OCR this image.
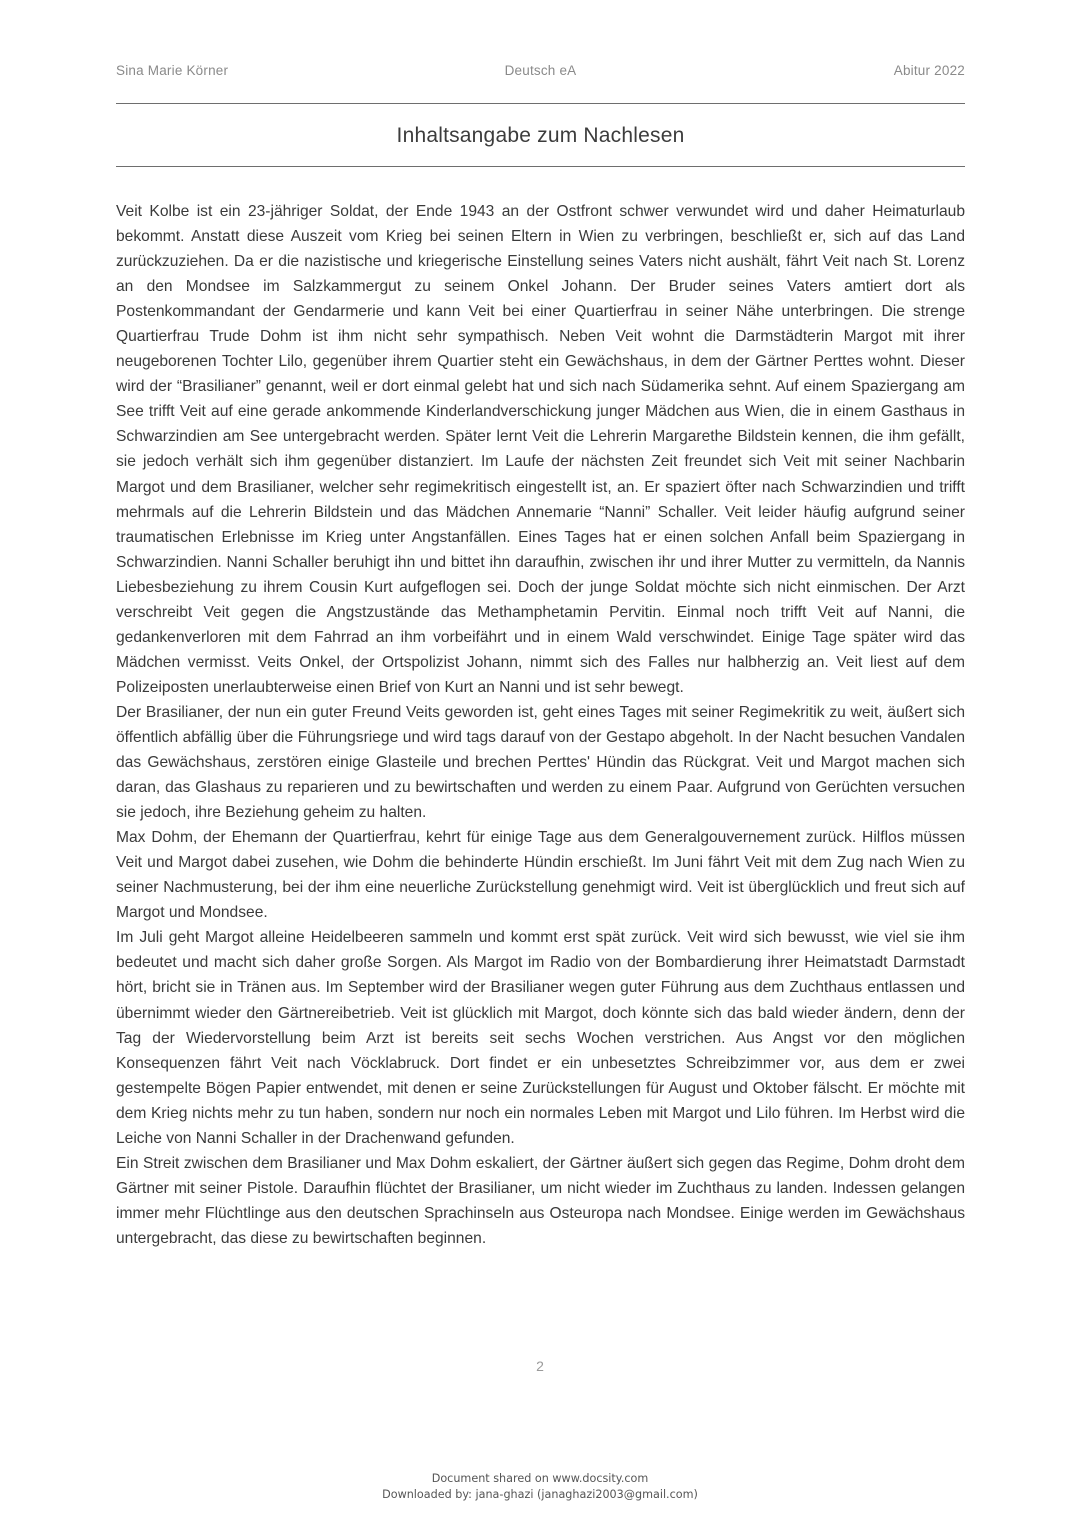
Sina Marie Körner	Deutsch eA	Abitur 2022
Inhaltsangabe zum Nachlesen

Veit Kolbe ist ein 23-jähriger Soldat, der Ende 1943 an der Ostfront schwer verwundet wird und daher Heimaturlaub bekommt. Anstatt diese Auszeit vom Krieg bei seinen Eltern in Wien zu verbringen, beschließt er, sich auf das Land zurückzuziehen. Da er die nazistische und kriegerische Einstellung seines Vaters nicht aushält, fährt Veit nach St. Lorenz an den Mondsee im Salzkammergut zu seinem Onkel Johann. Der Bruder seines Vaters amtiert dort als Postenkommandant der Gendarmerie und kann Veit bei einer Quartierfrau in seiner Nähe unterbringen. Die strenge Quartierfrau Trude Dohm ist ihm nicht sehr sympathisch. Neben Veit wohnt die Darmstädterin Margot mit ihrer neugeborenen Tochter Lilo, gegenüber ihrem Quartier steht ein Gewächshaus, in dem der Gärtner Perttes wohnt. Dieser wird der “Brasilianer” genannt, weil er dort einmal gelebt hat und sich nach Südamerika sehnt. Auf einem Spaziergang am See trifft Veit auf eine gerade ankommende Kinderlandverschickung junger Mädchen aus Wien, die in einem Gasthaus in Schwarzindien am See untergebracht werden. Später lernt Veit die Lehrerin Margarethe Bildstein kennen, die ihm gefällt, sie jedoch verhält sich ihm gegenüber distanziert. Im Laufe der nächsten Zeit freundet sich Veit mit seiner Nachbarin Margot und dem Brasilianer, welcher sehr regimekritisch eingestellt ist, an. Er spaziert öfter nach Schwarzindien und trifft mehrmals auf die Lehrerin Bildstein und das Mädchen Annemarie “Nanni” Schaller. Veit leider häufig aufgrund seiner traumatischen Erlebnisse im Krieg unter Angstanfällen. Eines Tages hat er einen solchen Anfall beim Spaziergang in Schwarzindien. Nanni Schaller beruhigt ihn und bittet ihn daraufhin, zwischen ihr und ihrer Mutter zu vermitteln, da Nannis Liebesbeziehung zu ihrem Cousin Kurt aufgeflogen sei. Doch der junge Soldat möchte sich nicht einmischen. Der Arzt verschreibt Veit gegen die Angstzustände das Methamphetamin Pervitin. Einmal noch trifft Veit auf Nanni, die gedankenverloren mit dem Fahrrad an ihm vorbeifährt und in einem Wald verschwindet. Einige Tage später wird das Mädchen vermisst. Veits Onkel, der Ortspolizist Johann, nimmt sich des Falles nur halbherzig an. Veit liest auf dem Polizeiposten unerlaubterweise einen Brief von Kurt an Nanni und ist sehr bewegt.

Der Brasilianer, der nun ein guter Freund Veits geworden ist, geht eines Tages mit seiner Regimekritik zu weit, äußert sich öffentlich abfällig über die Führungsriege und wird tags darauf von der Gestapo abgeholt. In der Nacht besuchen Vandalen das Gewächshaus, zerstören einige Glasteile und brechen Perttes' Hündin das Rückgrat. Veit und Margot machen sich daran, das Glashaus zu reparieren und zu bewirtschaften und werden zu einem Paar. Aufgrund von Gerüchten versuchen sie jedoch, ihre Beziehung geheim zu halten.

Max Dohm, der Ehemann der Quartierfrau, kehrt für einige Tage aus dem Generalgouvernement zurück. Hilflos müssen Veit und Margot dabei zusehen, wie Dohm die behinderte Hündin erschießt. Im Juni fährt Veit mit dem Zug nach Wien zu seiner Nachmusterung, bei der ihm eine neuerliche Zurückstellung genehmigt wird. Veit ist überglücklich und freut sich auf Margot und Mondsee.

Im Juli geht Margot alleine Heidelbeeren sammeln und kommt erst spät zurück. Veit wird sich bewusst, wie viel sie ihm bedeutet und macht sich daher große Sorgen. Als Margot im Radio von der Bombardierung ihrer Heimatstadt Darmstadt hört, bricht sie in Tränen aus. Im September wird der Brasilianer wegen guter Führung aus dem Zuchthaus entlassen und übernimmt wieder den Gärtnereibetrieb. Veit ist glücklich mit Margot, doch könnte sich das bald wieder ändern, denn der Tag der Wiedervorstellung beim Arzt ist bereits seit sechs Wochen verstrichen. Aus Angst vor den möglichen Konsequenzen fährt Veit nach Vöcklabruck. Dort findet er ein unbesetztes Schreibzimmer vor, aus dem er zwei gestempelte Bögen Papier entwendet, mit denen er seine Zurückstellungen für August und Oktober fälscht. Er möchte mit dem Krieg nichts mehr zu tun haben, sondern nur noch ein normales Leben mit Margot und Lilo führen. Im Herbst wird die Leiche von Nanni Schaller in der Drachenwand gefunden.

Ein Streit zwischen dem Brasilianer und Max Dohm eskaliert, der Gärtner äußert sich gegen das Regime, Dohm droht dem Gärtner mit seiner Pistole. Daraufhin flüchtet der Brasilianer, um nicht wieder im Zuchthaus zu landen. Indessen gelangen immer mehr Flüchtlinge aus den deutschen Sprachinseln aus Osteuropa nach Mondsee. Einige werden im Gewächshaus untergebracht, das diese zu bewirtschaften beginnen.

2
Document shared on www.docsity.com
Downloaded by: jana-ghazi (janaghazi2003@gmail.com)
